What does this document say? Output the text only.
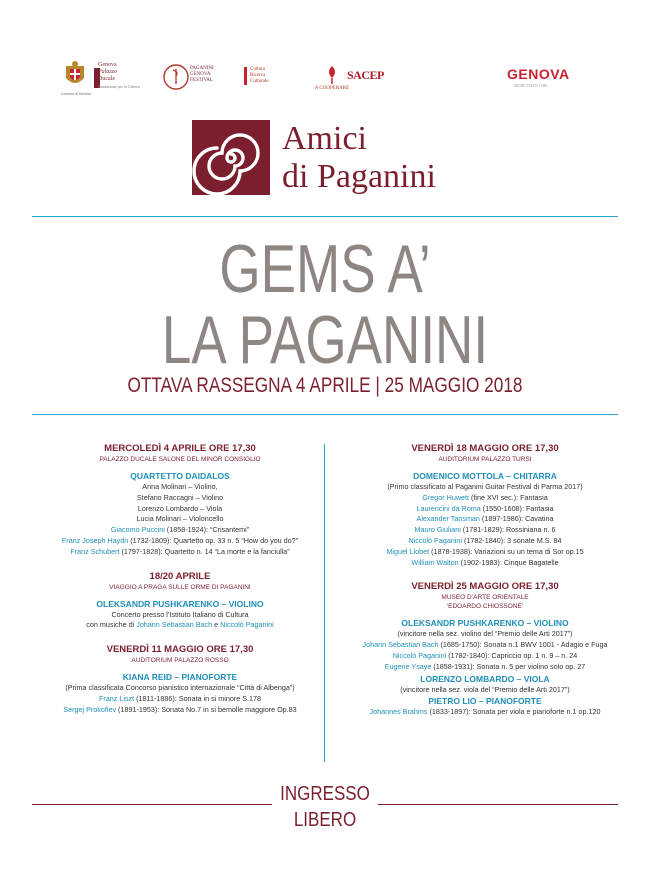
Comune di Genova
Genova
Palazzo
Ducale
Fondazione per la Cultura
PAGANINI
GENOVA
FESTIVAL
Cultura
Ricerca
Culturale
A COOPERARE
SACEP	GENOVA
MORE THAN THIS
Amici
di Paganini
GEMS A’
LA PAGANINI
OTTAVA RASSEGNA 4 APRILE | 25 MAGGIO 2018

MERCOLEDÌ 4 APRILE ORE 17,30

PALAZZO DUCALE SALONE DEL MINOR CONSIGLIO

QUARTETTO DAIDALOS

Anna Molinari – Violino,

Stefano Raccagni – Violino

Lorenzo Lombardo – Viola

Lucia Molinari – Violoncello

Giacomo Puccini (1858-1924): “Crisantemi”

Franz Joseph Haydn (1732-1809): Quartetto op. 33 n. 5 “How do you do?”

Franz Schubert (1797-1828): Quartetto n. 14 “La morte e la fanciulla”

18/20 APRILE

VIAGGIO A PRAGA SULLE ORME DI PAGANINI

OLEKSANDR PUSHKARENKO – VIOLINO

Concerto presso l’Istituto Italiano di Cultura

con musiche di Johann Sebastian Bach e Niccolò Paganini

VENERDÌ 11 MAGGIO ORE 17,30

AUDITORIUM PALAZZO ROSSO

KIANA REID – PIANOFORTE

(Prima classificata Concorso pianistico internazionale “Città di Albenga”)

Franz Liszt (1811-1886): Sonata in si minore S.178

Sergej Prokofiev (1891-1953): Sonata No.7 in si bemolle maggiore Op.83

VENERDÌ 18 MAGGIO ORE 17,30

AUDITORIUM PALAZZO TURSI

DOMENICO MOTTOLA – CHITARRA

(Primo classificato al Paganini Guitar Festival di Parma 2017)

Gregor Huwett (fine XVI sec.): Fantasia

Laurencini da Roma (1550-1608): Fantasia

Alexander Tansman (1897-1986): Cavatina

Mauro Giuliani (1781-1829): Rossiniana n. 6

Niccolò Paganini (1782-1840): 3 sonate M.S. 84

Miguel Llobet (1878-1938): Variazioni su un tema di Sor op.15

William Walton (1902-1983): Cinque Bagatelle

VENERDÌ 25 MAGGIO ORE 17,30

MUSEO D’ARTE ORIENTALE

‘EDOARDO CHIOSSONE’

OLEKSANDR PUSHKARENKO – VIOLINO

(vincitore nella sez. violino del “Premio delle Arti 2017”)

Johann Sebastian Bach (1685-1750): Sonata n.1 BWV 1001 - Adagio e Fuga

Niccolò Paganini (1782-1840): Capriccio op. 1 n. 9 – n. 24

Eugene Ysaye (1858-1931): Sonata n. 5 per violino solo op. 27

LORENZO LOMBARDO – VIOLA

(vincitore nella sez. viola del “Premio delle Arti 2017”)

PIETRO LIO – PIANOFORTE

Johannes Brahms (1833-1897): Sonata per viola e pianoforte n.1 op.120

INGRESSO
LIBERO
